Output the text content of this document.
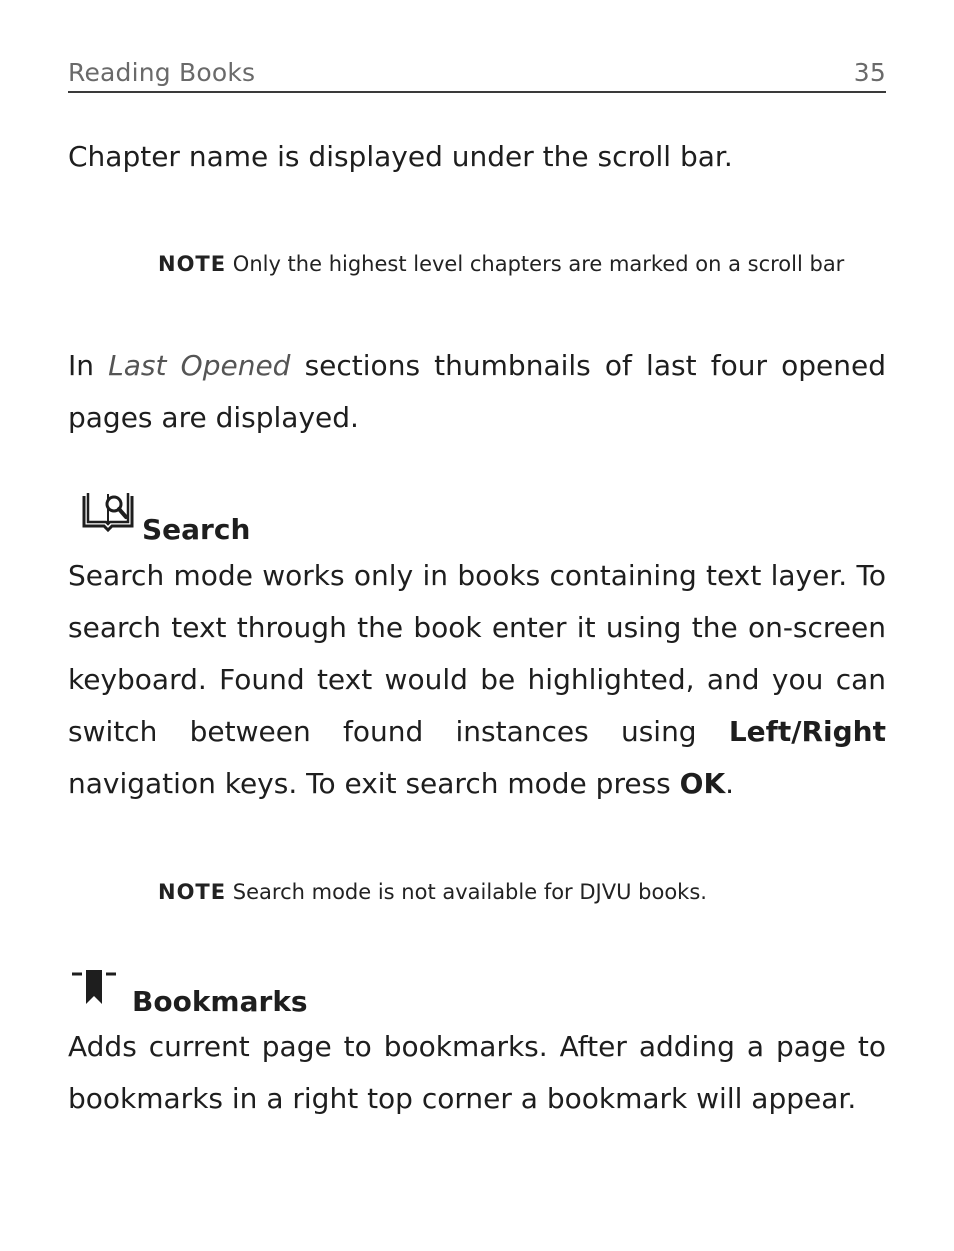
Reading Books	35

Chapter name is displayed under the scroll bar.

NOTE Only the highest level chapters are marked on a scroll bar

In Last Opened sections thumbnails of last four opened pages are displayed.

Search

Search mode works only in books containing text layer. To search text through the book enter it using the on-screen keyboard. Found text would be highlighted, and you can switch between found instances using Left/Right navigation keys. To exit search mode press OK.

NOTE Search mode is not available for DJVU books.

Bookmarks

Adds current page to bookmarks. After adding a page to bookmarks in a right top corner a bookmark will appear.
